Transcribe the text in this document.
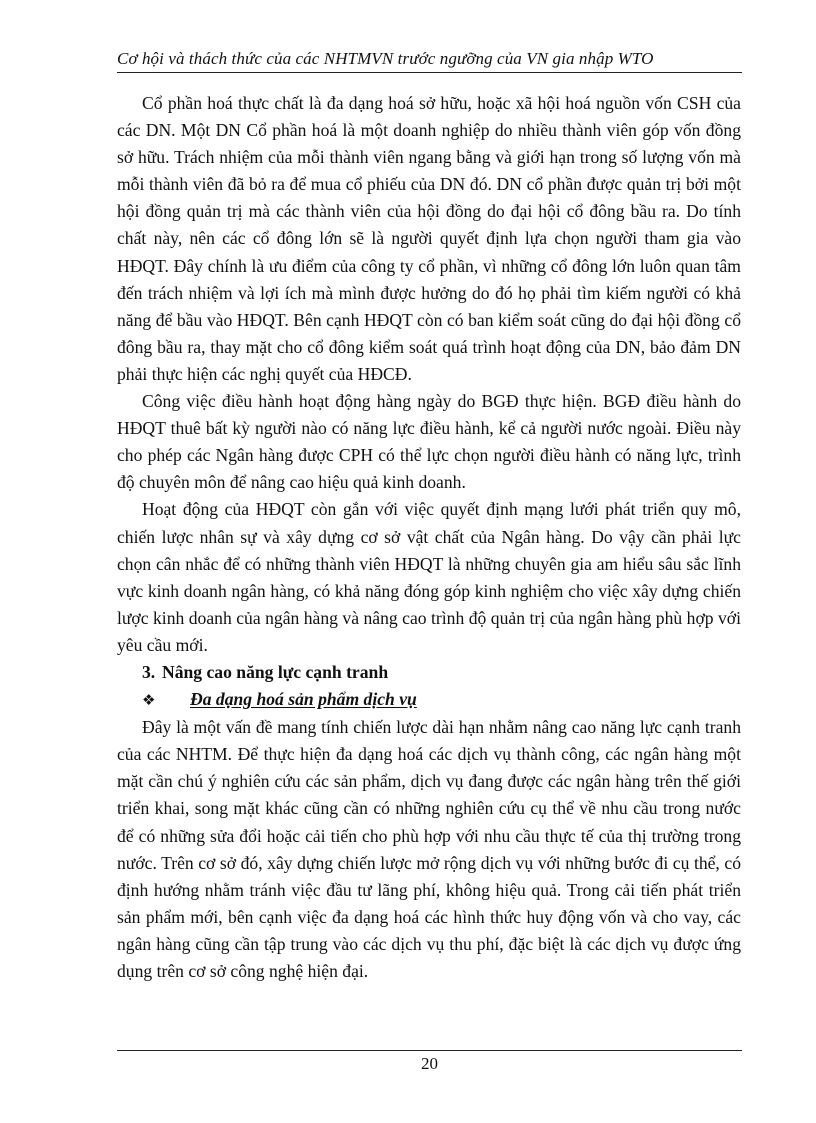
Cơ hội và thách thức của các NHTMVN trước ngưỡng của VN gia nhập WTO

Cổ phần hoá thực chất là đa dạng hoá sở hữu, hoặc xã hội hoá nguồn vốn CSH của các DN. Một DN Cổ phần hoá là một doanh nghiệp do nhiều thành viên góp vốn đồng sở hữu. Trách nhiệm của mỗi thành viên ngang bằng và giới hạn trong số lượng vốn mà mỗi thành viên đã bỏ ra để mua cổ phiếu của DN đó. DN cổ phần được quản trị bởi một hội đồng quản trị mà các thành viên của hội đồng do đại hội cổ đông bầu ra. Do tính chất này, nên các cổ đông lớn sẽ là người quyết định lựa chọn người tham gia vào HĐQT. Đây chính là ưu điểm của công ty cổ phần, vì những cổ đông lớn luôn quan tâm đến trách nhiệm và lợi ích mà mình được hưởng do đó họ phải tìm kiếm người có khả năng để bầu vào HĐQT. Bên cạnh HĐQT còn có ban kiểm soát cũng do đại hội đồng cổ đông bầu ra, thay mặt cho cổ đông kiểm soát quá trình hoạt động của DN, bảo đảm DN phải thực hiện các nghị quyết của HĐCĐ.

Công việc điều hành hoạt động hàng ngày do BGĐ thực hiện. BGĐ điều hành do HĐQT thuê bất kỳ người nào có năng lực điều hành, kể cả người nước ngoài. Điều này cho phép các Ngân hàng được CPH có thể lực chọn người điều hành có năng lực, trình độ chuyên môn để nâng cao hiệu quả kinh doanh.

Hoạt động của HĐQT còn gắn với việc quyết định mạng lưới phát triển quy mô, chiến lược nhân sự và xây dựng cơ sở vật chất của Ngân hàng. Do vậy cần phải lực chọn cân nhắc để có những thành viên HĐQT là những chuyên gia am hiểu sâu sắc lĩnh vực kinh doanh ngân hàng, có khả năng đóng góp kinh nghiệm cho việc xây dựng chiến lược kinh doanh của ngân hàng và nâng cao trình độ quản trị của ngân hàng phù hợp với yêu cầu mới.

3. Nâng cao năng lực cạnh tranh

❖ Đa dạng hoá sản phẩm dịch vụ

Đây là một vấn đề mang tính chiến lược dài hạn nhằm nâng cao năng lực cạnh tranh của các NHTM. Để thực hiện đa dạng hoá các dịch vụ thành công, các ngân hàng một mặt cần chú ý nghiên cứu các sản phẩm, dịch vụ đang được các ngân hàng trên thế giới triển khai, song mặt khác cũng cần có những nghiên cứu cụ thể về nhu cầu trong nước để có những sửa đổi hoặc cải tiến cho phù hợp với nhu cầu thực tế của thị trường trong nước. Trên cơ sở đó, xây dựng chiến lược mở rộng dịch vụ với những bước đi cụ thể, có định hướng nhằm tránh việc đầu tư lãng phí, không hiệu quả. Trong cải tiến phát triển sản phẩm mới, bên cạnh việc đa dạng hoá các hình thức huy động vốn và cho vay, các ngân hàng cũng cần tập trung vào các dịch vụ thu phí, đặc biệt là các dịch vụ được ứng dụng trên cơ sở công nghệ hiện đại.

20
